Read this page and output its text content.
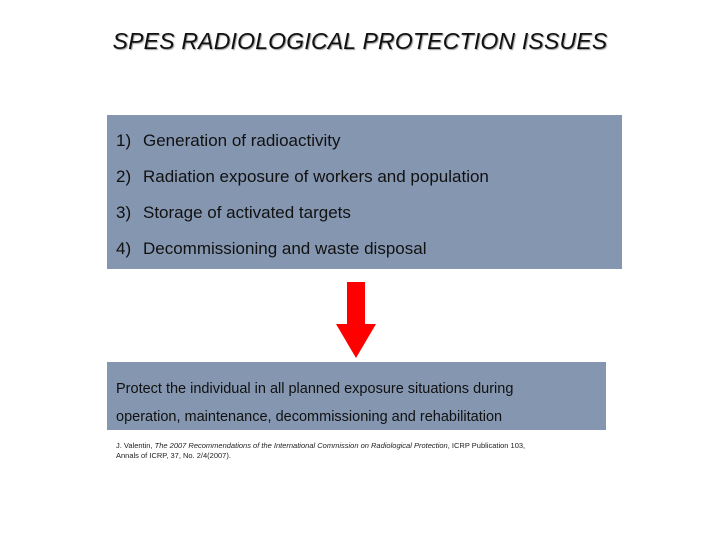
SPES RADIOLOGICAL PROTECTION ISSUES
1) Generation of radioactivity
2) Radiation exposure of workers and population
3) Storage of activated targets
4) Decommissioning and waste disposal
Protect the individual in all planned exposure situations during
operation, maintenance, decommissioning and rehabilitation
J. Valentin, The 2007 Recommendations of the International Commission on Radiological Protection, ICRP Publication 103,
Annals of ICRP, 37, No. 2/4(2007).
